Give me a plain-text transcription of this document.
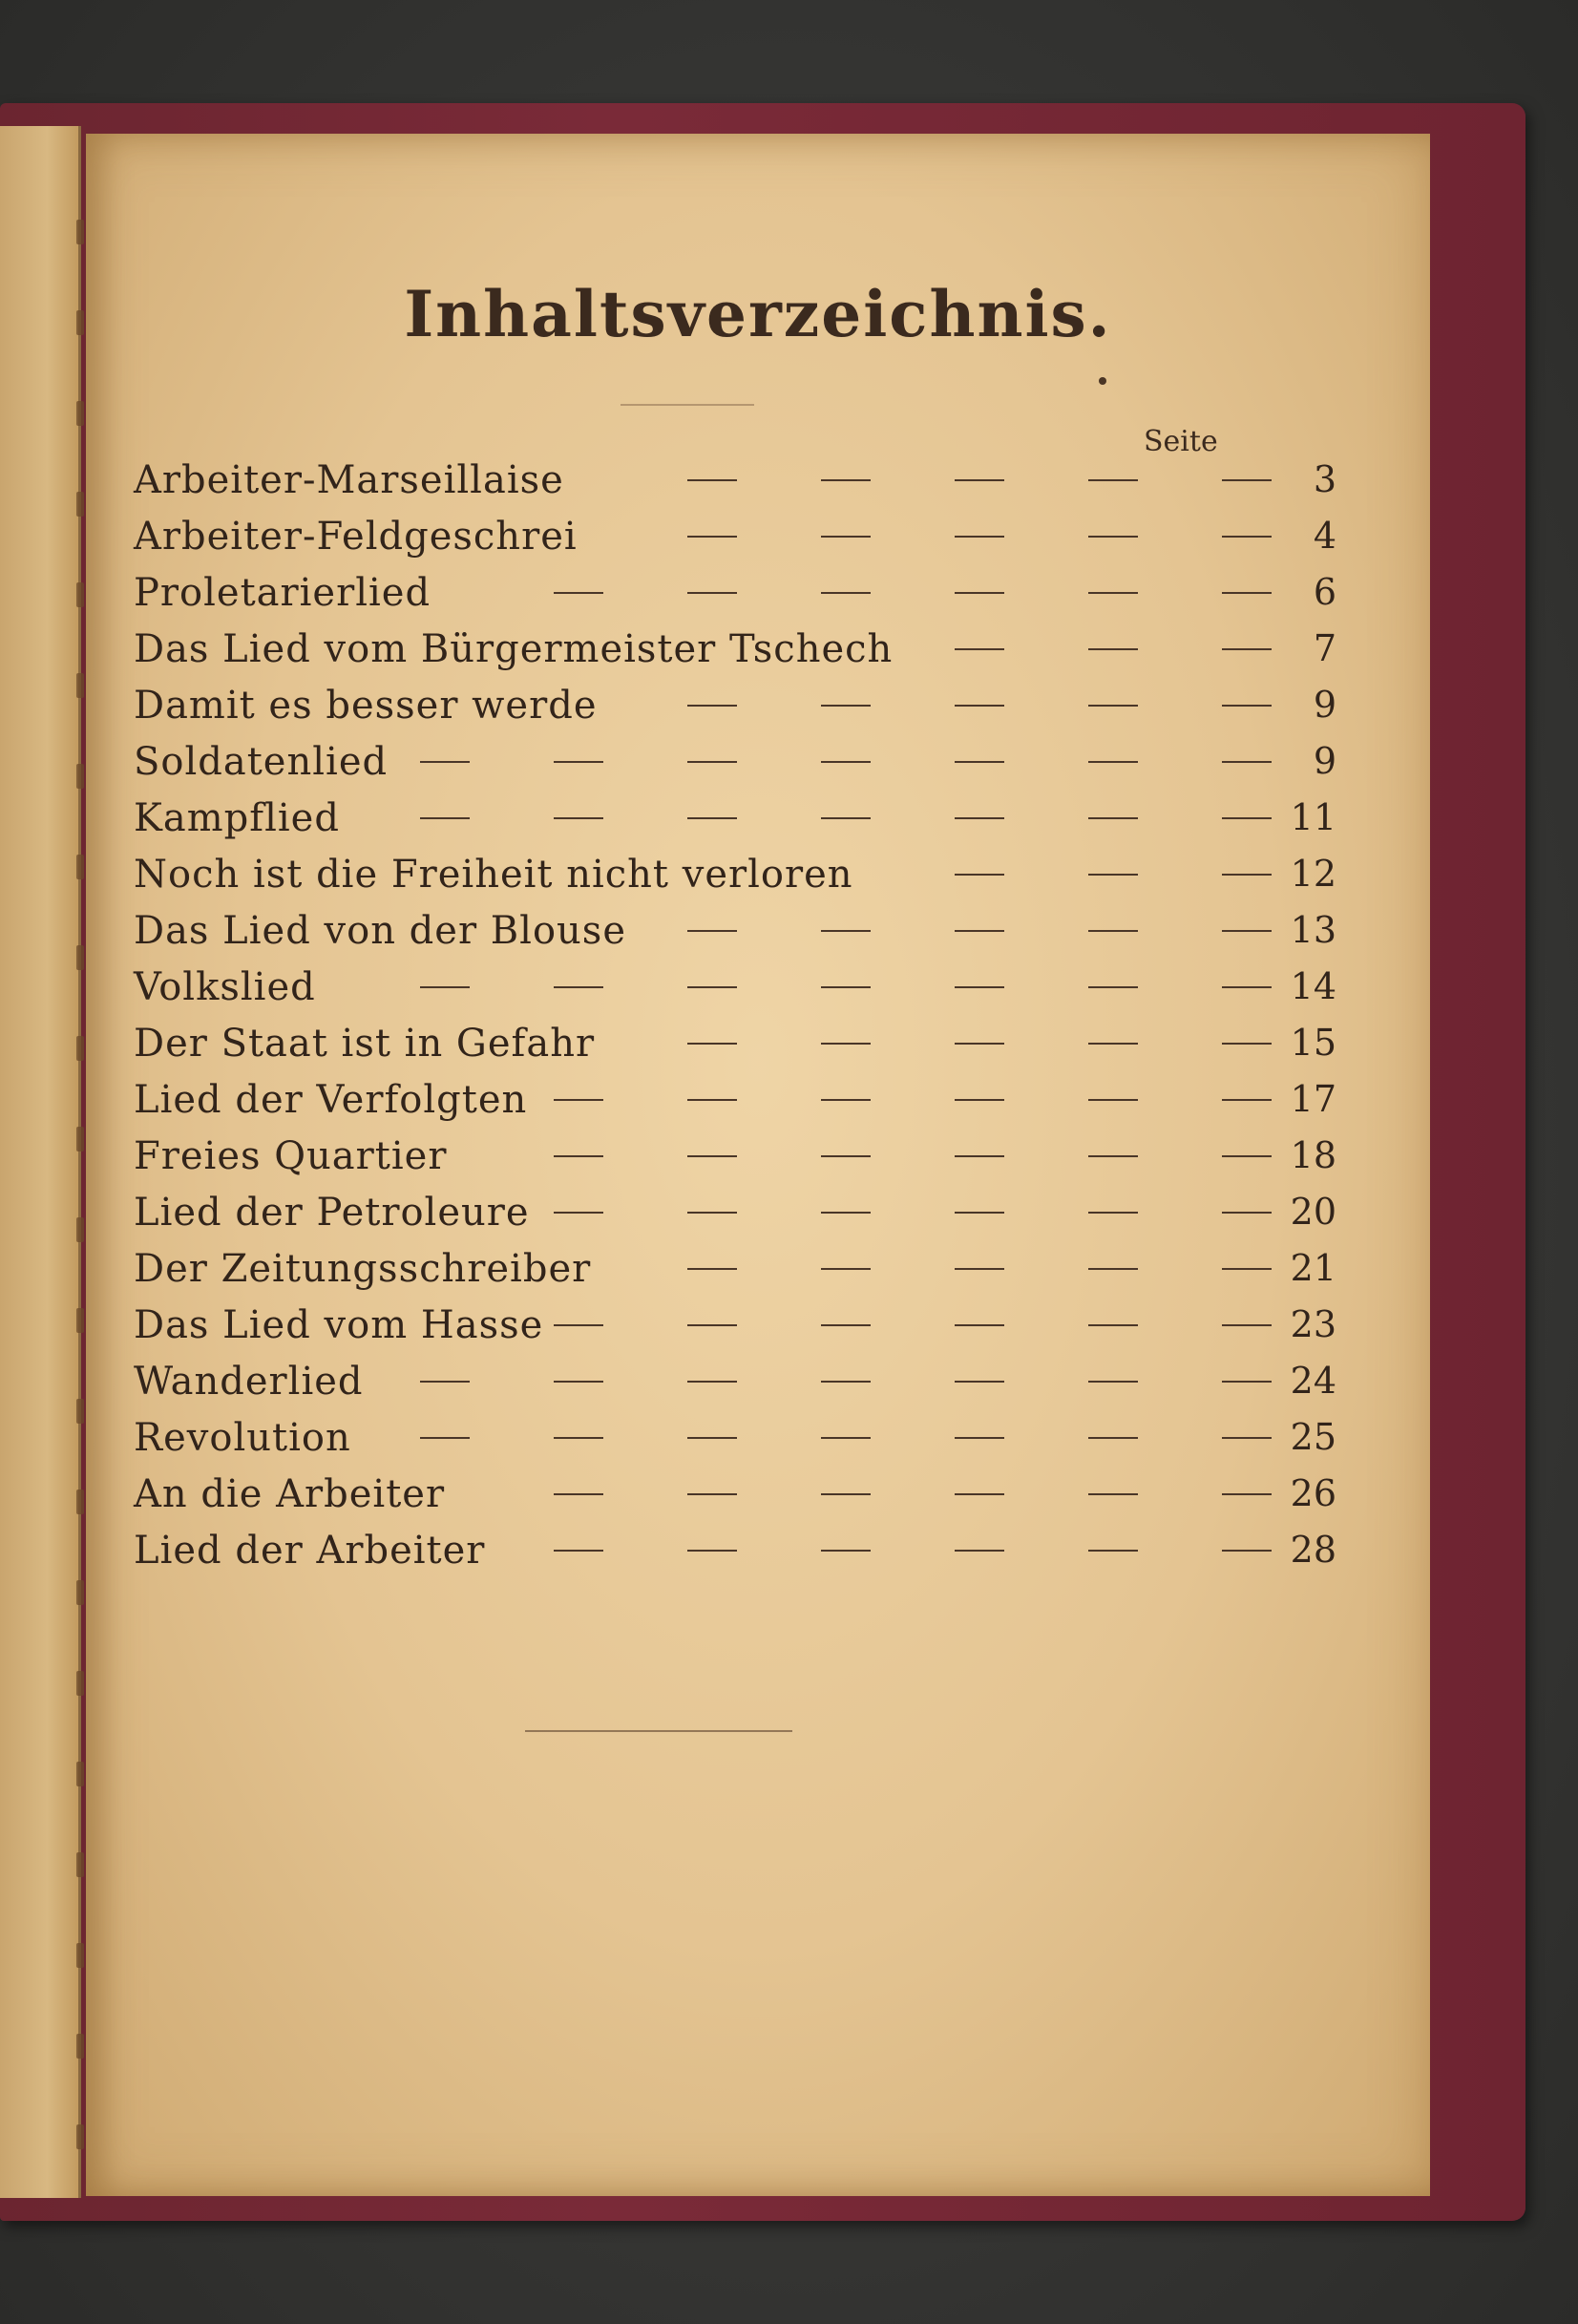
Inhaltsverzeichnis.
Seite
Arbeiter-Marseillaise	3
Arbeiter-Feldgeschrei	4
Proletarierlied	6
Das Lied vom Bürgermeister Tschech	7
Damit es besser werde	9
Soldatenlied	9
Kampflied	11
Noch ist die Freiheit nicht verloren	12
Das Lied von der Blouse	13
Volkslied	14
Der Staat ist in Gefahr	15
Lied der Verfolgten	17
Freies Quartier	18
Lied der Petroleure	20
Der Zeitungsschreiber	21
Das Lied vom Hasse	23
Wanderlied	24
Revolution	25
An die Arbeiter	26
Lied der Arbeiter	28
